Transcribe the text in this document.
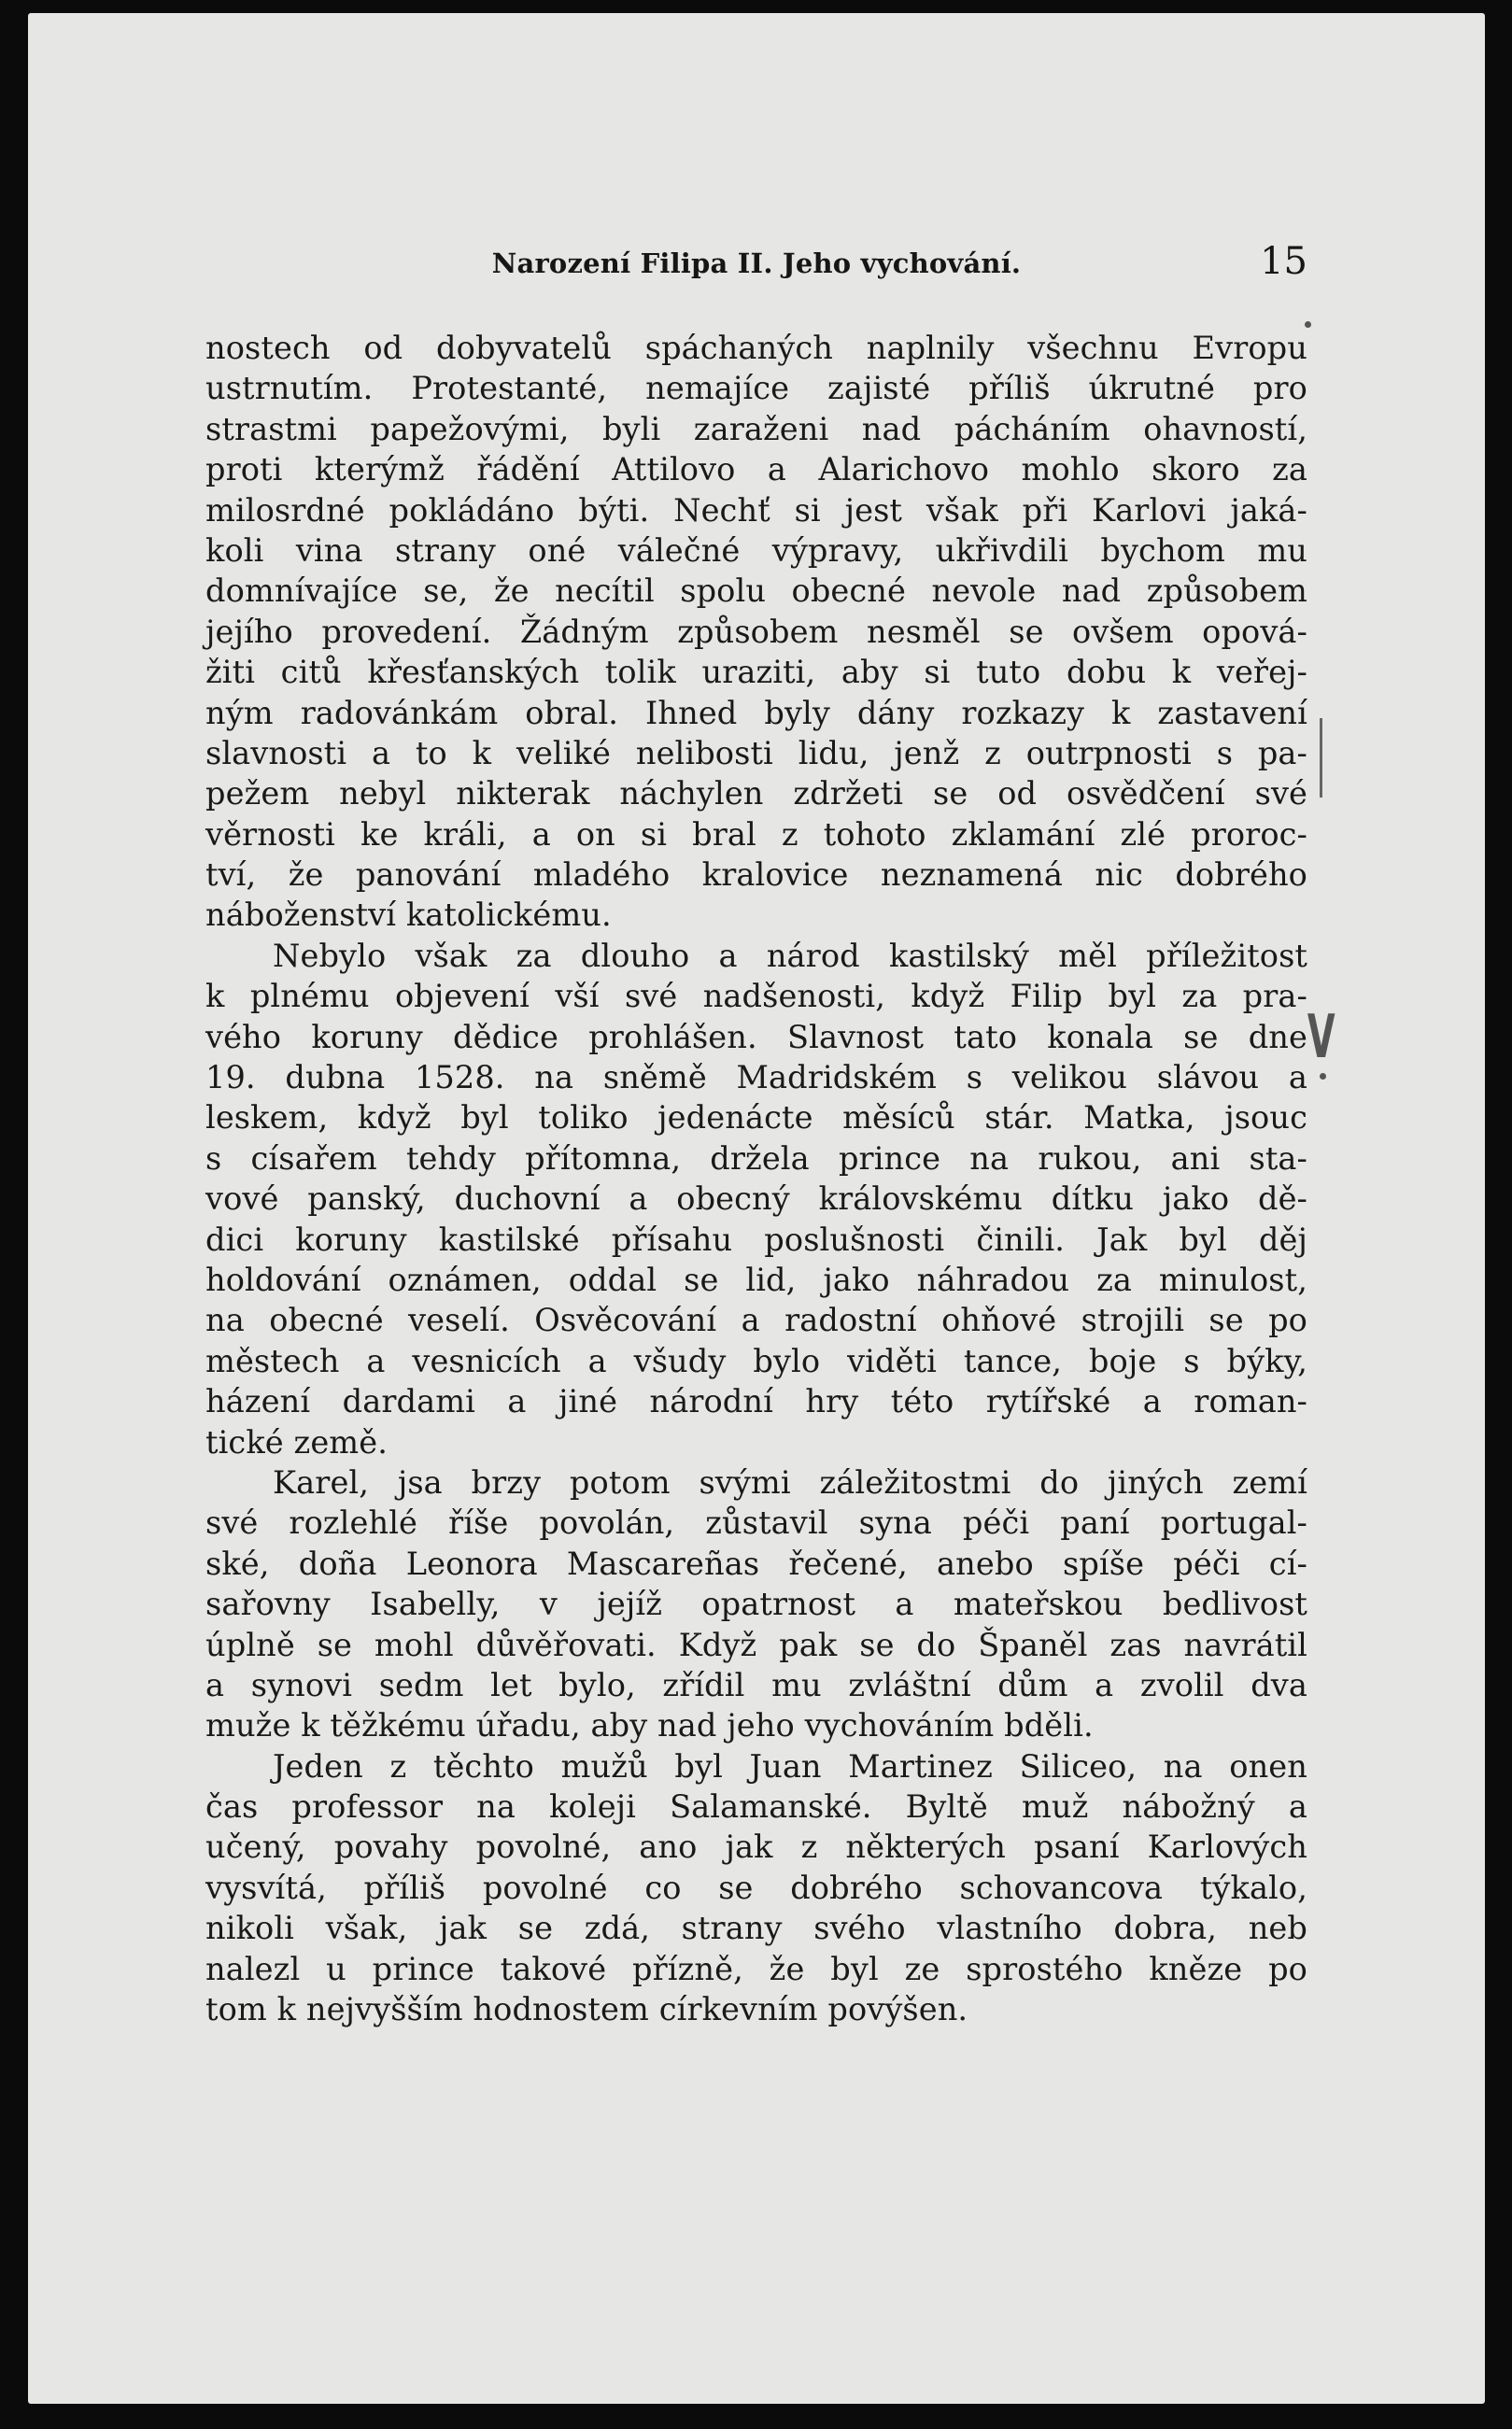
V
Narození Filipa II. Jeho vychování.	15
nostech od dobyvatelů spáchaných naplnily všechnu Evropu
ustrnutím. Protestanté, nemajíce zajisté příliš úkrutné pro
strastmi papežovými, byli zaraženi nad pácháním ohavností,
proti kterýmž řádění Attilovo a Alarichovo mohlo skoro za
milosrdné pokládáno býti. Nechť si jest však při Karlovi jaká-
koli vina strany oné válečné výpravy, ukřivdili bychom mu
domnívajíce se, že necítil spolu obecné nevole nad způsobem
jejího provedení. Žádným způsobem nesměl se ovšem opová-
žiti citů křesťanských tolik uraziti, aby si tuto dobu k veřej-
ným radovánkám obral. Ihned byly dány rozkazy k zastavení
slavnosti a to k veliké nelibosti lidu, jenž z outrpnosti s pa-
pežem nebyl nikterak náchylen zdržeti se od osvědčení své
věrnosti ke králi, a on si bral z tohoto zklamání zlé proroc-
tví, že panování mladého kralovice neznamená nic dobrého
náboženství katolickému.
Nebylo však za dlouho a národ kastilský měl příležitost
k plnému objevení vší své nadšenosti, když Filip byl za pra-
vého koruny dědice prohlášen. Slavnost tato konala se dne
19. dubna 1528. na sněmě Madridském s velikou slávou a
leskem, když byl toliko jedenácte měsíců stár. Matka, jsouc
s císařem tehdy přítomna, držela prince na rukou, ani sta-
vové panský, duchovní a obecný královskému dítku jako dě-
dici koruny kastilské přísahu poslušnosti činili. Jak byl děj
holdování oznámen, oddal se lid, jako náhradou za minulost,
na obecné veselí. Osvěcování a radostní ohňové strojili se po
městech a vesnicích a všudy bylo viděti tance, boje s býky,
házení dardami a jiné národní hry této rytířské a roman-
tické země.
Karel, jsa brzy potom svými záležitostmi do jiných zemí
své rozlehlé říše povolán, zůstavil syna péči paní portugal-
ské, doña Leonora Mascareñas řečené, anebo spíše péči cí-
sařovny Isabelly, v jejíž opatrnost a mateřskou bedlivost
úplně se mohl důvěřovati. Když pak se do Španěl zas navrátil
a synovi sedm let bylo, zřídil mu zvláštní dům a zvolil dva
muže k těžkému úřadu, aby nad jeho vychováním bděli.
Jeden z těchto mužů byl Juan Martinez Siliceo, na onen
čas professor na koleji Salamanské. Byltě muž nábožný a
učený, povahy povolné, ano jak z některých psaní Karlových
vysvítá, příliš povolné co se dobrého schovancova týkalo,
nikoli však, jak se zdá, strany svého vlastního dobra, neb
nalezl u prince takové přízně, že byl ze sprostého kněze po
tom k nejvyšším hodnostem církevním povýšen.
